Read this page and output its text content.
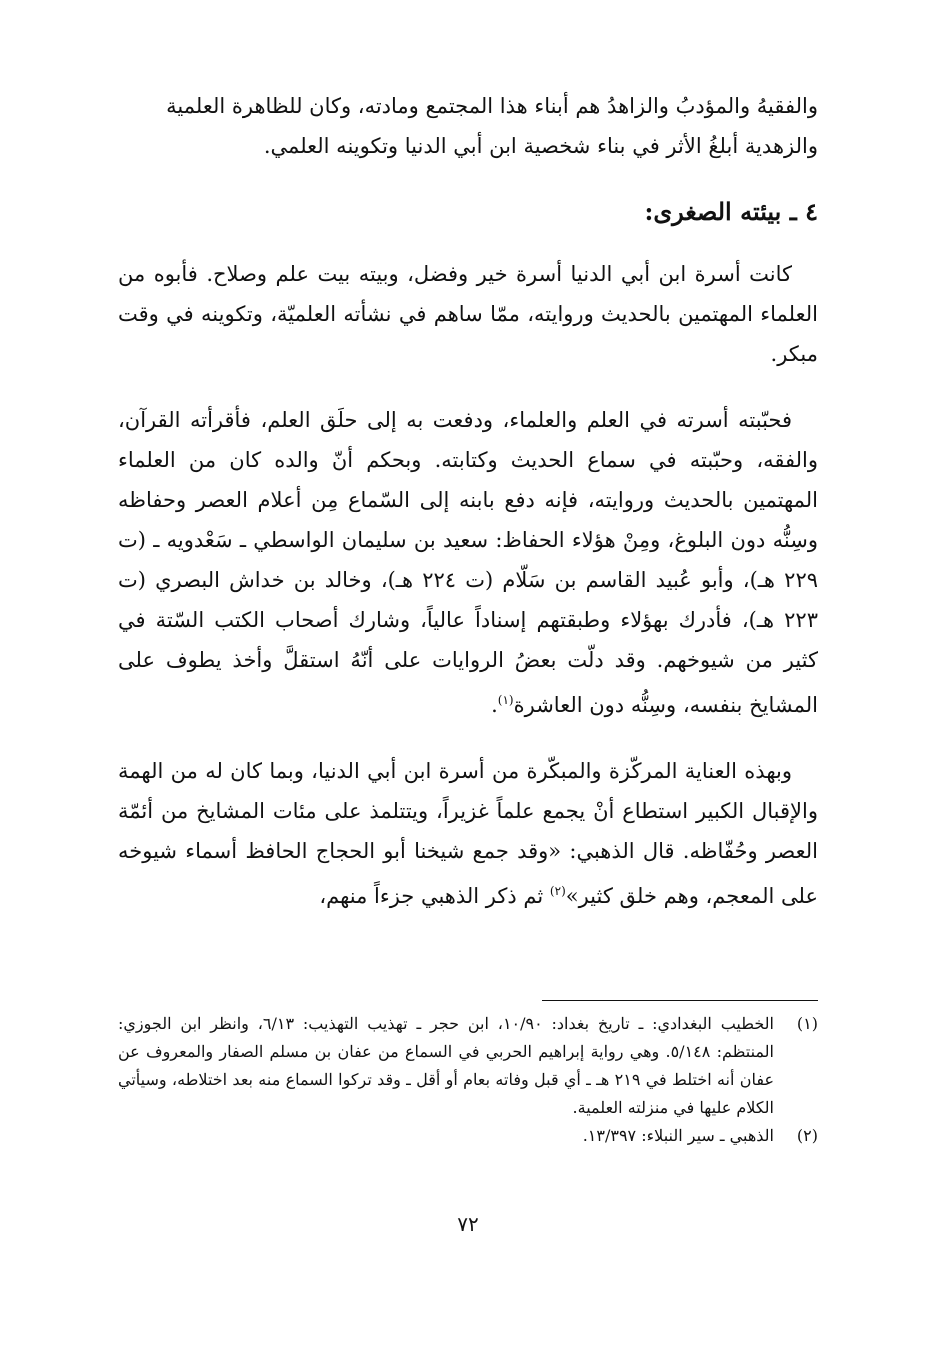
والفقيهُ والمؤدبُ والزاهدُ هم أبناء هذا المجتمع ومادته، وكان للظاهرة العلمية

والزهدية أبلغُ الأثر في بناء شخصية ابن أبي الدنيا وتكوينه العلمي.

٤ ـ بيئته الصغرى:

كانت أسرة ابن أبي الدنيا أسرة خير وفضل، وبيته بيت علم وصلاح. فأبوه من العلماء المهتمين بالحديث وروايته، ممّا ساهم في نشأته العلميّة، وتكوينه في وقت مبكر.

فحبّبته أسرته في العلم والعلماء، ودفعت به إلى حلَق العلم، فأقرأته القرآن، والفقه، وحبّبته في سماع الحديث وكتابته. وبحكم أنّ والده كان من العلماء المهتمين بالحديث وروايته، فإنه دفع بابنه إلى السّماع مِن أعلام العصر وحفاظه وسِنُّه دون البلوغ، ومِنْ هؤلاء الحفاظ: سعيد بن سليمان الواسطي ـ سَعْدويه ـ (ت ٢٢٩ هـ)، وأبو عُبيد القاسم بن سَلّام (ت ٢٢٤ هـ)، وخالد بن خداش البصري (ت ٢٢٣ هـ)، فأدرك بهؤلاء وطبقتهم إسناداً عالياً، وشارك أصحاب الكتب السّتة في كثير من شيوخهم. وقد دلّت بعضُ الروايات على أنّهُ استقلَّ وأخذ يطوف على المشايخ بنفسه، وسِنُّه دون العاشرة$^{(١)}$.

وبهذه العناية المركّزة والمبكّرة من أسرة ابن أبي الدنيا، وبما كان له من الهمة والإقبال الكبير استطاع أنْ يجمع علماً غزيراً، ويتتلمذ على مئات المشايخ من أئمّة العصر وحُفّاظه. قال الذهبي: «وقد جمع شيخنا أبو الحجاج الحافظ أسماء شيوخه على المعجم، وهم خلق كثير»$^{(٢)}$ ثم ذكر الذهبي جزءاً منهم،

(١)
الخطيب البغدادي: ـ تاريخ بغداد: ١٠/٩٠، ابن حجر ـ تهذيب التهذيب: ٦/١٣، وانظر ابن الجوزي: المنتظم: ٥/١٤٨. وهي رواية إبراهيم الحربي في السماع من عفان بن مسلم الصفار والمعروف عن عفان أنه اختلط في ٢١٩ هـ ـ أي قبل وفاته بعام أو أقل ـ وقد تركوا السماع منه بعد اختلاطه، وسيأتي الكلام عليها في منزلته العلمية.
(٢)
الذهبي ـ سير النبلاء: ١٣/٣٩٧.
٧٢
